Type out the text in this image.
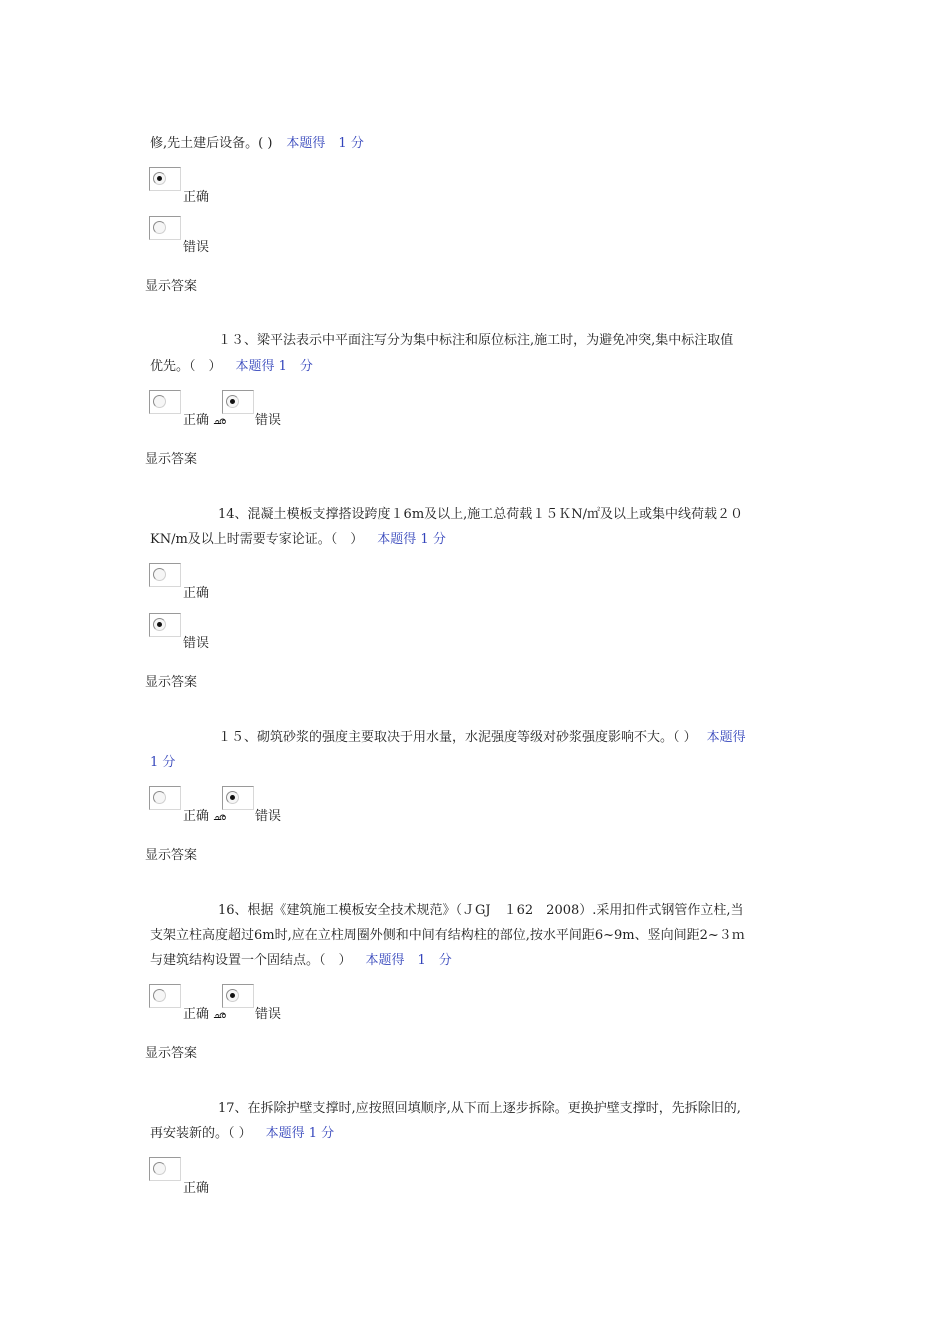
修,先土建后设备。( ) 本题得　1 分
正确
错误
显示答案
１３、梁平法表示中平面注写分为集中标注和原位标注,施工时，为避免冲突,集中标注取值
优先。（　） 本题得 1　分
正确 ഛ 错误
显示答案
14、混凝土模板支撑搭设跨度１6m及以上,施工总荷载１５ＫN/㎡及以上或集中线荷载２０
KN/m及以上时需要专家论证。（　） 本题得 1 分
正确
错误
显示答案
１５、砌筑砂浆的强度主要取决于用水量，水泥强度等级对砂浆强度影响不大。（ ） 本题得
1 分
正确 ഛ 错误
显示答案
16、根据《建筑施工模板安全技术规范》（ＪGJ　１62　2008）.采用扣件式钢管作立柱,当
支架立柱高度超过6m时,应在立柱周圈外侧和中间有结构柱的部位,按水平间距6~9m、竖向间距2~３ｍ
与建筑结构设置一个固结点。（　） 本题得　1　分
正确 ഛ 错误
显示答案
17、在拆除护壁支撑时,应按照回填顺序,从下而上逐步拆除。更换护壁支撑时，先拆除旧的,
再安装新的。（ ） 本题得 1 分
正确
